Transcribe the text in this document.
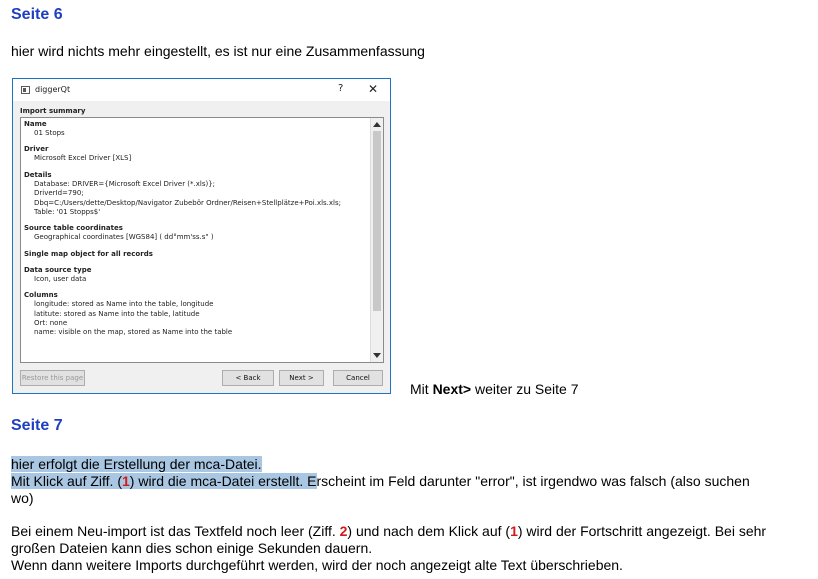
Seite 6
hier wird nichts mehr eingestellt, es ist nur eine Zusammenfassung
diggerQt	? ✕
Import summary
Name
01 Stops
Driver
Microsoft Excel Driver [XLS]
Details
Database: DRIVER={Microsoft Excel Driver (*.xls)};
DriverId=790;
Dbq=C:/Users/dette/Desktop/Navigator Zubebör Ordner/Reisen+Stellplätze+Poi.xls.xls;
Table: '01 Stopps$'
Source table coordinates
Geographical coordinates [WGS84] ( dd°mm'ss.s" )
Single map object for all records
Data source type
Icon, user data
Columns
longitude: stored as Name into the table, longitude
latitute: stored as Name into the table, latitude
Ort: none
name: visible on the map, stored as Name into the table
Restore this page	< Back	Next >	Cancel
Mit Next> weiter zu Seite 7
Seite 7
hier erfolgt die Erstellung der mca-Datei.
Mit Klick auf Ziff. (1) wird die mca-Datei erstellt. Erscheint im Feld darunter "error", ist irgendwo was falsch (also suchen
wo)
Bei einem Neu-import ist das Textfeld noch leer (Ziff. 2) und nach dem Klick auf (1) wird der Fortschritt angezeigt. Bei sehr
großen Dateien kann dies schon einige Sekunden dauern.
Wenn dann weitere Imports durchgeführt werden, wird der noch angezeigt alte Text überschrieben.
